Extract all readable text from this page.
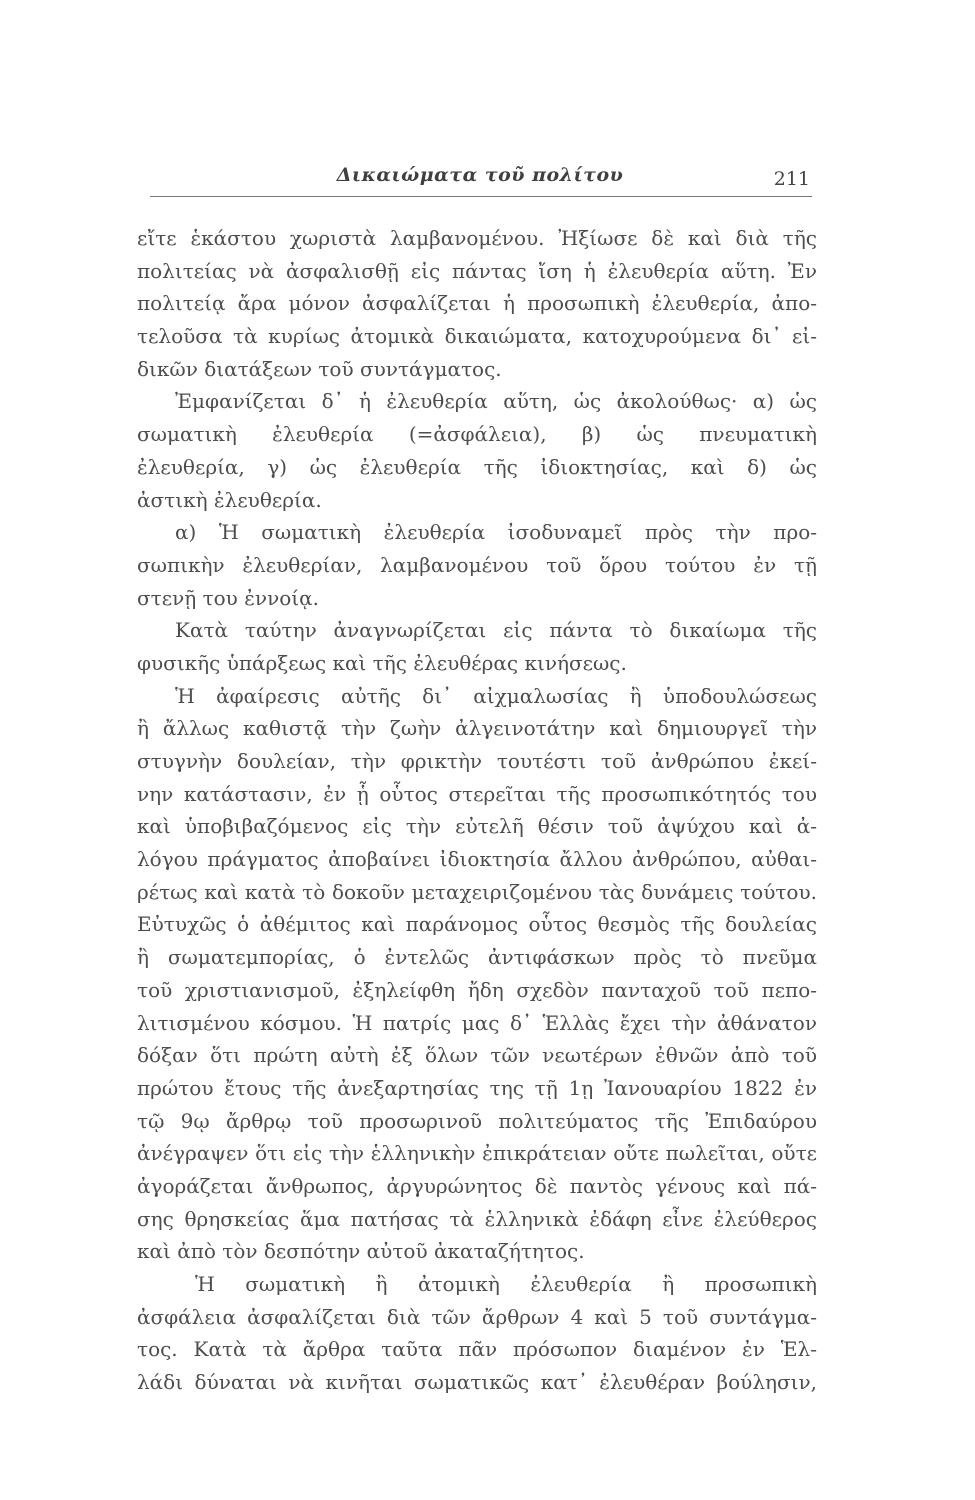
Δικαιώματα τοῦ πολίτου	211
εἴτε ἑκάστου χωριστὰ λαμβανομένου. Ἠξίωσε δὲ καὶ διὰ τῆς
πολιτείας νὰ ἀσφαλισθῇ εἰς πάντας ἴση ἡ ἐλευθερία αὕτη. Ἐν
πολιτείᾳ ἄρα μόνον ἀσφαλίζεται ἡ προσωπικὴ ἐλευθερία, ἀπο-
τελοῦσα τὰ κυρίως ἀτομικὰ δικαιώματα, κατοχυρούμενα δι᾽ εἰ-
δικῶν διατάξεων τοῦ συντάγματος.
Ἐμφανίζεται δ᾽ ἡ ἐλευθερία αὕτη, ὡς ἀκολούθως· α) ὡς
σωματικὴ ἐλευθερία (=ἀσφάλεια), β) ὡς πνευματικὴ
ἐλευθερία, γ) ὡς ἐλευθερία τῆς ἰδιοκτησίας, καὶ δ) ὡς
ἀστικὴ ἐλευθερία.
α) Ἡ σωματικὴ ἐλευθερία ἰσοδυναμεῖ πρὸς τὴν προ-
σωπικὴν ἐλευθερίαν, λαμβανομένου τοῦ ὅρου τούτου ἐν τῇ
στενῇ του ἐννοίᾳ.
Κατὰ ταύτην ἀναγνωρίζεται εἰς πάντα τὸ δικαίωμα τῆς
φυσικῆς ὑπάρξεως καὶ τῆς ἐλευθέρας κινήσεως.
Ἡ ἀφαίρεσις αὐτῆς δι᾽ αἰχμαλωσίας ἢ ὑποδουλώσεως
ἢ ἄλλως καθιστᾷ τὴν ζωὴν ἀλγεινοτάτην καὶ δημιουργεῖ τὴν
στυγνὴν δουλείαν, τὴν φρικτὴν τουτέστι τοῦ ἀνθρώπου ἐκεί-
νην κατάστασιν, ἐν ᾗ οὗτος στερεῖται τῆς προσωπικότητός του
καὶ ὑποβιβαζόμενος εἰς τὴν εὐτελῆ θέσιν τοῦ ἀψύχου καὶ ἀ-
λόγου πράγματος ἀποβαίνει ἰδιοκτησία ἄλλου ἀνθρώπου, αὐθαι-
ρέτως καὶ κατὰ τὸ δοκοῦν μεταχειριζομένου τὰς δυνάμεις τούτου.
Εὐτυχῶς ὁ ἀθέμιτος καὶ παράνομος οὗτος θεσμὸς τῆς δουλείας
ἢ σωματεμπορίας, ὁ ἐντελῶς ἀντιφάσκων πρὸς τὸ πνεῦμα
τοῦ χριστιανισμοῦ, ἐξηλείφθη ἤδη σχεδὸν πανταχοῦ τοῦ πεπο-
λιτισμένου κόσμου. Ἡ πατρίς μας δ᾽ Ἑλλὰς ἔχει τὴν ἀθάνατον
δόξαν ὅτι πρώτη αὐτὴ ἐξ ὅλων τῶν νεωτέρων ἐθνῶν ἀπὸ τοῦ
πρώτου ἔτους τῆς ἀνεξαρτησίας της τῇ 1ῃ Ἰανουαρίου 1822 ἐν
τῷ 9ῳ ἄρθρῳ τοῦ προσωρινοῦ πολιτεύματος τῆς Ἐπιδαύρου
ἀνέγραψεν ὅτι εἰς τὴν ἑλληνικὴν ἐπικράτειαν οὔτε πωλεῖται, οὔτε
ἀγοράζεται ἄνθρωπος, ἀργυρώνητος δὲ παντὸς γένους καὶ πά-
σης θρησκείας ἅμα πατήσας τὰ ἑλληνικὰ ἐδάφη εἶνε ἐλεύθερος
καὶ ἀπὸ τὸν δεσπότην αὐτοῦ ἀκαταζήτητος.
Ἡ σωματικὴ ἢ ἀτομικὴ ἐλευθερία ἢ προσωπικὴ
ἀσφάλεια ἀσφαλίζεται διὰ τῶν ἄρθρων 4 καὶ 5 τοῦ συντάγμα-
τος. Κατὰ τὰ ἄρθρα ταῦτα πᾶν πρόσωπον διαμένον ἐν Ἑλ-
λάδι δύναται νὰ κινῆται σωματικῶς κατ᾽ ἐλευθέραν βούλησιν,
